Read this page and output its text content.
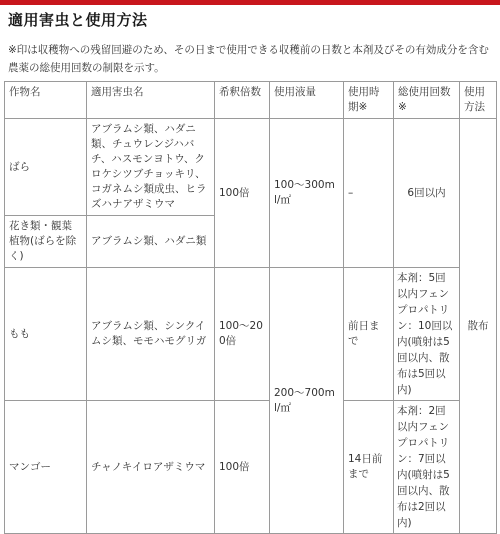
適用害虫と使用方法
※印は収穫物への残留回避のため、その日まで使用できる収穫前の日数と本剤及びその有効成分を含む農薬の総使用回数の制限を示す。
作物名	適用害虫名	希釈倍数	使用液量	使用時期※	総使用回数※	使用方法
ばら	アブラムシ類、ハダニ類、チュウレンジハバチ、ハスモンヨトウ、クロケシツブチョッキリ、コガネムシ類成虫、ヒラズハナアザミウマ	100倍	100～300ml/㎡	–	6回以内	散布
花き類・観葉植物(ばらを除く)	アブラムシ類、ハダニ類					
もも	アブラムシ類、シンクイムシ類、モモハモグリガ	100～200倍	200～700ml/㎡	前日まで	本剤：5回以内フェンプロパトリン：10回以内(噴射は5回以内、散布は5回以内)	
マンゴー	チャノキイロアザミウマ	100倍		14日前まで	本剤：2回以内フェンプロパトリン：7回以内(噴射は5回以内、散布は2回以内)	
